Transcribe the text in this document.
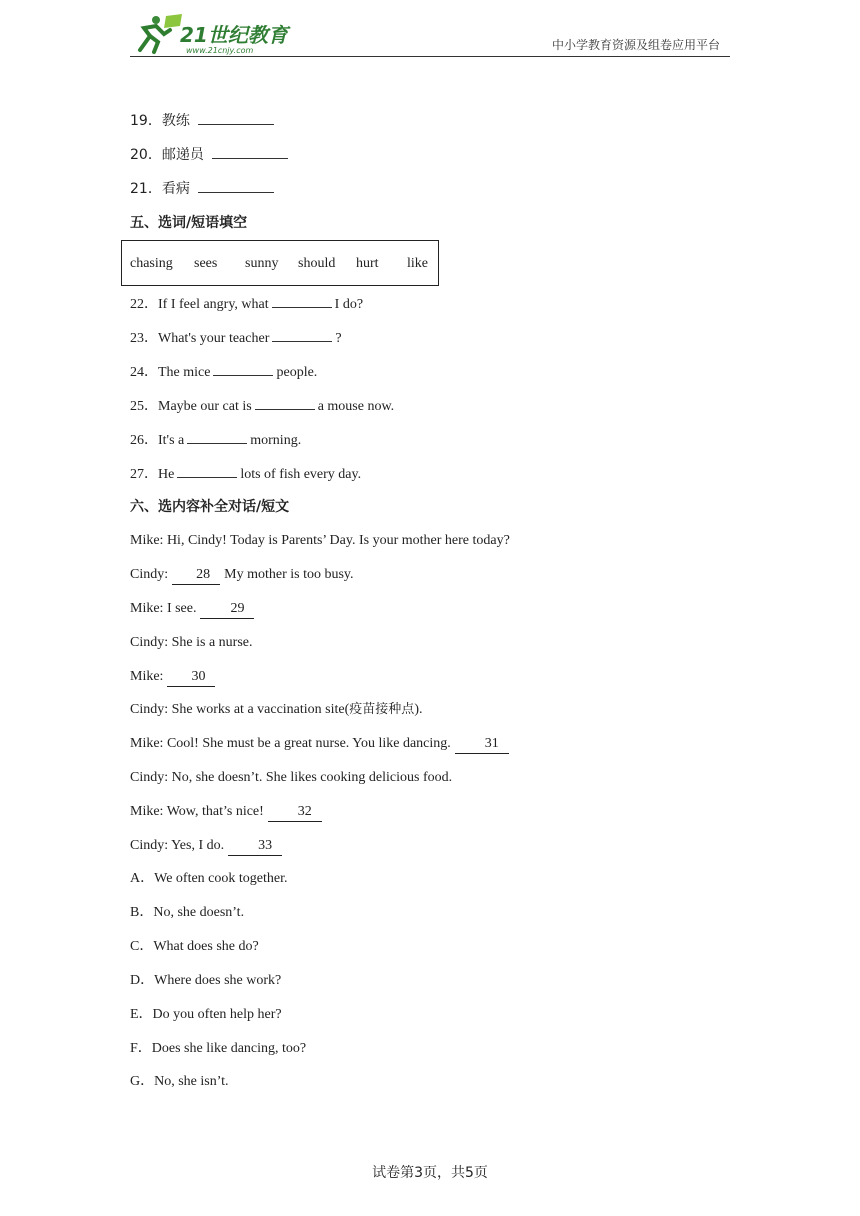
21世纪教育
www.21cnjy.com	中小学教育资源及组卷应用平台
19．教练
20．邮递员
21．看病
五、选词/短语填空
chasing sees sunny should hurt like
22．If I feel angry, what	I do?
23．What's your teacher	?
24．The mice	people.
25．Maybe our cat is	a mouse now.
26．It's a	morning.
27．He	lots of fish every day.
六、选内容补全对话/短文
Mike: Hi, Cindy! Today is Parents’ Day. Is your mother here today?
Cindy: 28 My mother is too busy.
Mike: I see. 29
Cindy: She is a nurse.
Mike: 30
Cindy: She works at a vaccination site(疫苗接种点).
Mike: Cool! She must be a great nurse. You like dancing. 31
Cindy: No, she doesn’t. She likes cooking delicious food.
Mike: Wow, that’s nice! 32
Cindy: Yes, I do. 33
A．We often cook together.
B．No, she doesn’t.
C．What does she do?
D．Where does she work?
E．Do you often help her?
F．Does she like dancing, too?
G．No, she isn’t.
试卷第3页，共5页
